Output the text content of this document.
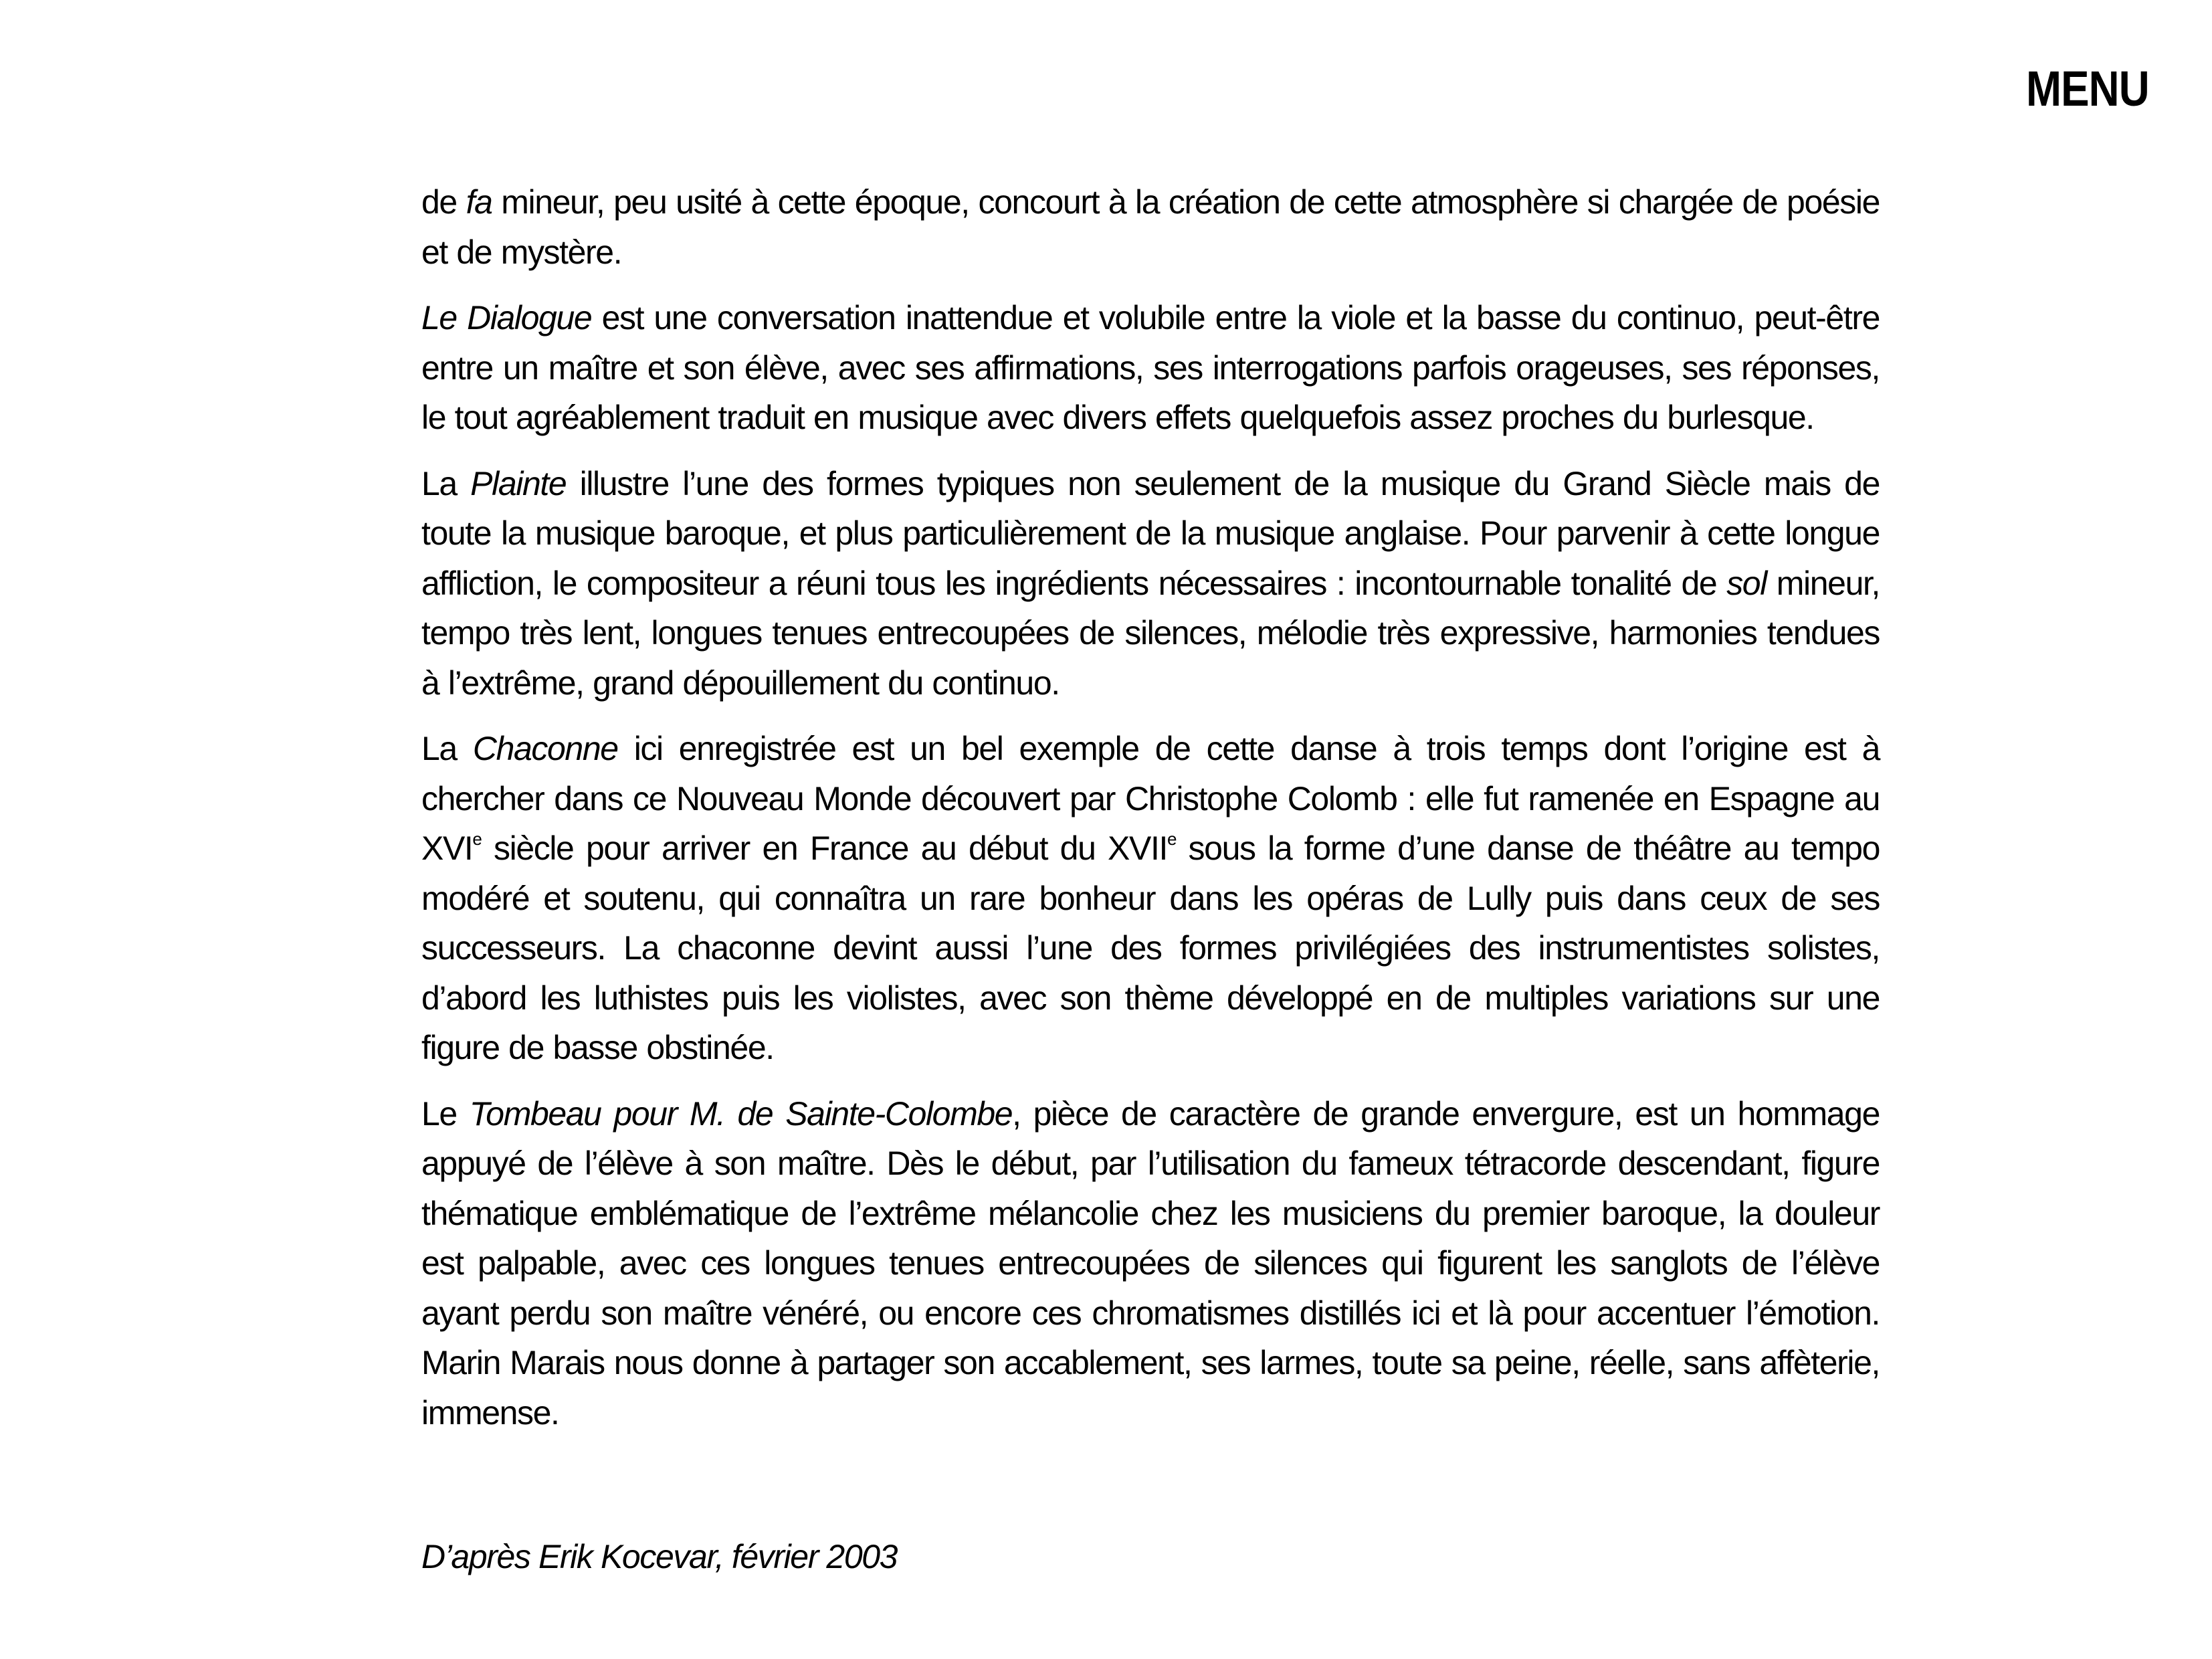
MENU

de fa mineur, peu usité à cette époque, concourt à la création de cette atmosphère si chargée de poésie et de mystère.

Le Dialogue est une conversation inattendue et volubile entre la viole et la basse du continuo, peut-être entre un maître et son élève, avec ses affirmations, ses interrogations parfois orageuses, ses réponses, le tout agréablement traduit en musique avec divers effets quelquefois assez proches du burlesque.

La Plainte illustre l’une des formes typiques non seulement de la musique du Grand Siècle mais de toute la musique baroque, et plus particulièrement de la musique anglaise. Pour parvenir à cette longue affliction, le compositeur a réuni tous les ingrédients nécessaires : incontournable tonalité de sol mineur, tempo très lent, longues tenues entrecoupées de silences, mélodie très expressive, harmonies tendues à l’extrême, grand dépouillement du continuo.

La Chaconne ici enregistrée est un bel exemple de cette danse à trois temps dont l’origine est à chercher dans ce Nouveau Monde découvert par Christophe Colomb : elle fut ramenée en Espagne au XVIe siècle pour arriver en France au début du XVIIe sous la forme d’une danse de théâtre au tempo modéré et soutenu, qui connaîtra un rare bonheur dans les opéras de Lully puis dans ceux de ses successeurs. La chaconne devint aussi l’une des formes privilégiées des instrumentistes solistes, d’abord les luthistes puis les violistes, avec son thème développé en de multiples variations sur une figure de basse obstinée.

Le Tombeau pour M. de Sainte-Colombe, pièce de caractère de grande envergure, est un hommage appuyé de l’élève à son maître. Dès le début, par l’utilisation du fameux tétracorde descendant, figure thématique emblématique de l’extrême mélancolie chez les musiciens du premier baroque, la douleur est palpable, avec ces longues tenues entrecoupées de silences qui figurent les sanglots de l’élève ayant perdu son maître vénéré, ou encore ces chromatismes distillés ici et là pour accentuer l’émotion. Marin Marais nous donne à partager son accablement, ses larmes, toute sa peine, réelle, sans affèterie, immense.

D’après Erik Kocevar, février 2003
